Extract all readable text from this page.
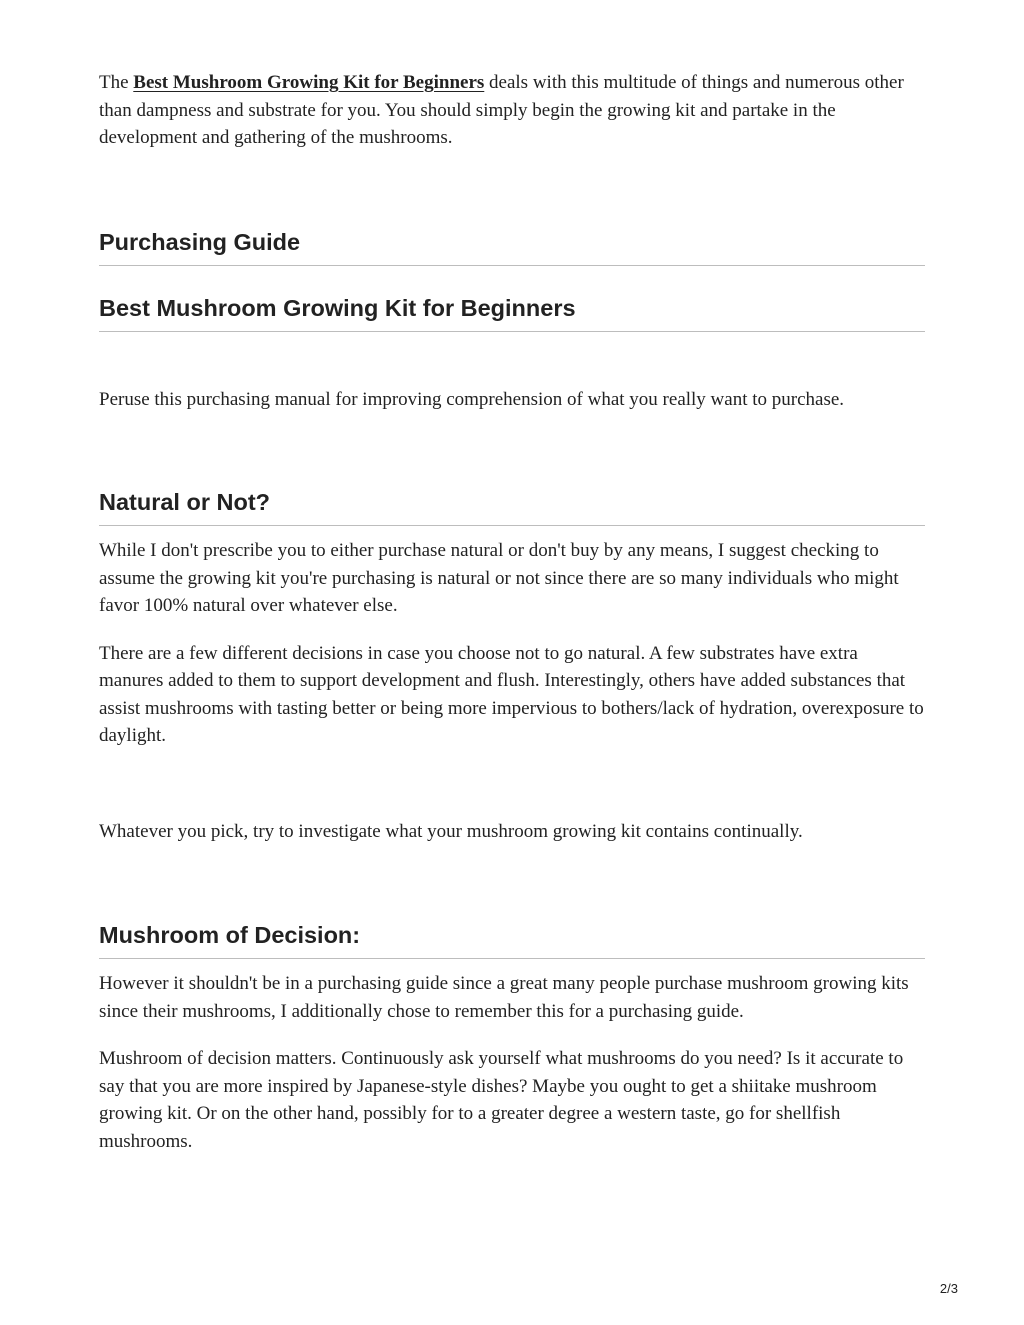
The Best Mushroom Growing Kit for Beginners deals with this multitude of things and numerous other than dampness and substrate for you. You should simply begin the growing kit and partake in the development and gathering of the mushrooms.

Purchasing Guide
Best Mushroom Growing Kit for Beginners

Peruse this purchasing manual for improving comprehension of what you really want to purchase.

Natural or Not?

While I don't prescribe you to either purchase natural or don't buy by any means, I suggest checking to assume the growing kit you're purchasing is natural or not since there are so many individuals who might favor 100% natural over whatever else.

There are a few different decisions in case you choose not to go natural. A few substrates have extra manures added to them to support development and flush. Interestingly, others have added substances that assist mushrooms with tasting better or being more impervious to bothers/lack of hydration, overexposure to daylight.

Whatever you pick, try to investigate what your mushroom growing kit contains continually.

Mushroom of Decision:

However it shouldn't be in a purchasing guide since a great many people purchase mushroom growing kits since their mushrooms, I additionally chose to remember this for a purchasing guide.

Mushroom of decision matters. Continuously ask yourself what mushrooms do you need? Is it accurate to say that you are more inspired by Japanese-style dishes? Maybe you ought to get a shiitake mushroom growing kit. Or on the other hand, possibly for to a greater degree a western taste, go for shellfish mushrooms.

2/3
